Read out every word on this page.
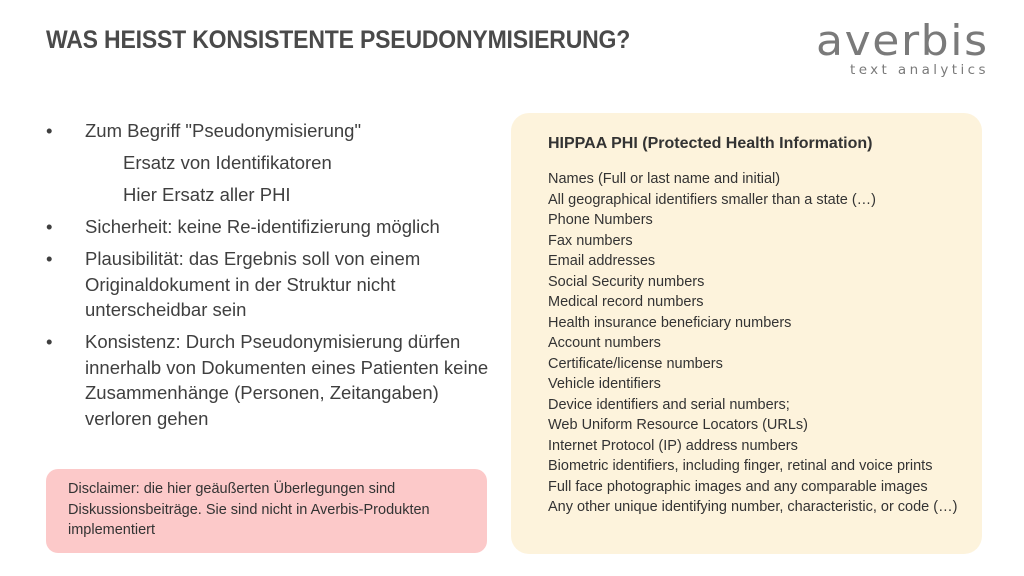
WAS HEISST KONSISTENTE PSEUDONYMISIERUNG?	averbis
text analytics
• Zum Begriff "Pseudonymisierung"
Ersatz von Identifikatoren
Hier Ersatz aller PHI
• Sicherheit: keine Re-identifizierung möglich
• Plausibilität: das Ergebnis soll von einem Originaldokument in der Struktur nicht unterscheidbar sein
• Konsistenz: Durch Pseudonymisierung dürfen innerhalb von Dokumenten eines Patienten keine Zusammenhänge (Personen, Zeitangaben) verloren gehen
Disclaimer: die hier geäußerten Überlegungen sind Diskussionsbeiträge. Sie sind nicht in Averbis-Produkten implementiert
HIPPAA PHI (Protected Health Information)
Names (Full or last name and initial)
All geographical identifiers smaller than a state (…)
Phone Numbers
Fax numbers
Email addresses
Social Security numbers
Medical record numbers
Health insurance beneficiary numbers
Account numbers
Certificate/license numbers
Vehicle identifiers
Device identifiers and serial numbers;
Web Uniform Resource Locators (URLs)
Internet Protocol (IP) address numbers
Biometric identifiers, including finger, retinal and voice prints
Full face photographic images and any comparable images
Any other unique identifying number, characteristic, or code (…)
